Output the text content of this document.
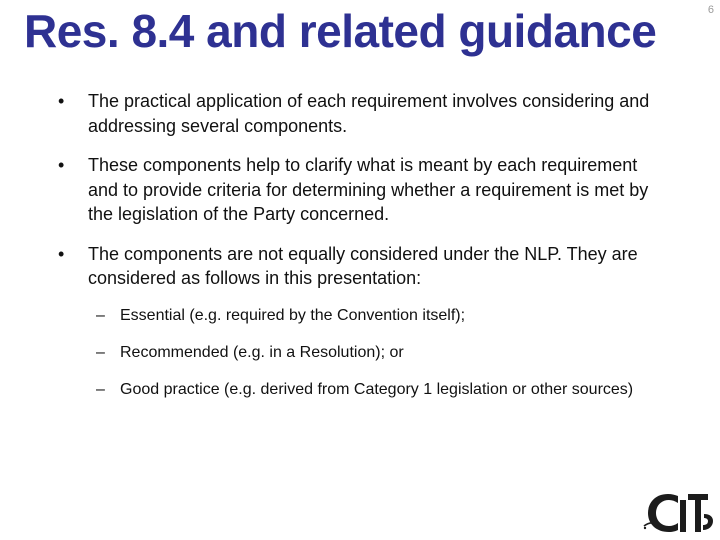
Res. 8.4 and related guidance	6
• The practical application of each requirement involves considering and addressing several components.
• These components help to clarify what is meant by each requirement and to provide criteria for determining whether a requirement is met by the legislation of the Party concerned.
• The components are not equally considered under the NLP. They are considered as follows in this presentation:
– Essential (e.g. required by the Convention itself);
– Recommended (e.g. in a Resolution); or
– Good practice (e.g. derived from Category 1 legislation or other sources)
